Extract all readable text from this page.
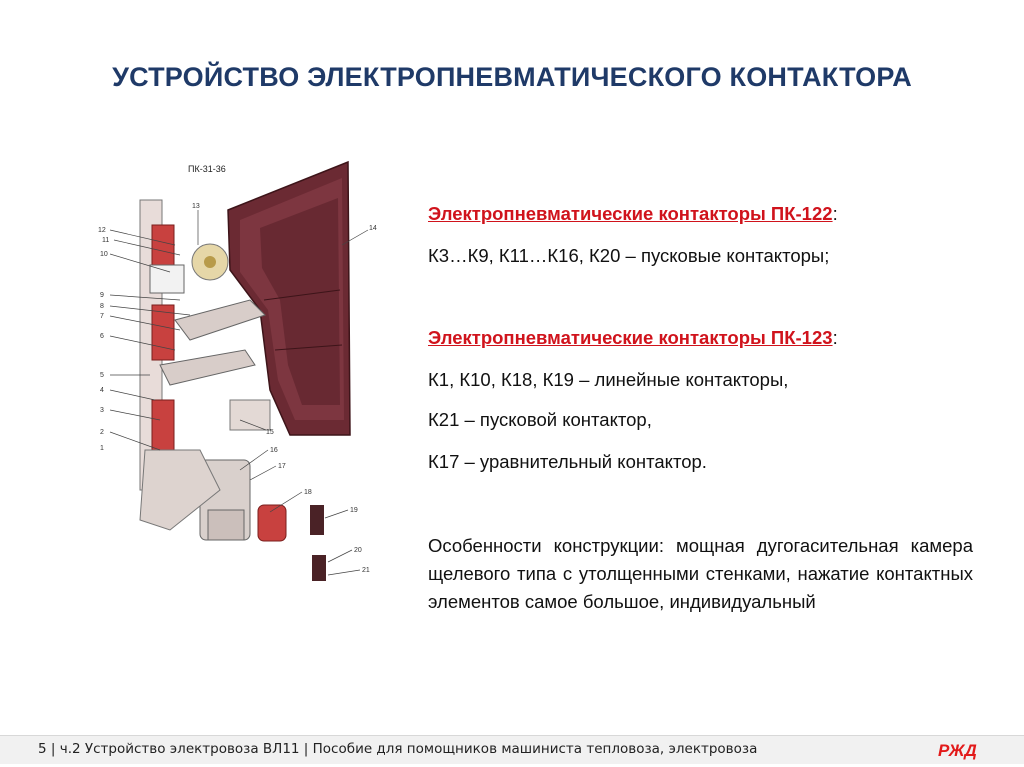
УСТРОЙСТВО ЭЛЕКТРОПНЕВМАТИЧЕСКОГО КОНТАКТОРА
ПК-31-36
12
11
10
9
8
7
6
5
4
3
2
1
13
14
15
16
17
18
19
20
21

Электропневматические контакторы ПК-122:

К3…К9, К11…К16, К20 – пусковые контакторы;

Электропневматические контакторы ПК-123:

К1, К10, К18, К19 – линейные контакторы,

К21 – пусковой контактор,

К17 – уравнительный контактор.

Особенности конструкции: мощная дугогасительная камера щелевого типа с утолщенными стенками, нажатие контактных элементов самое большое, индивидуальный
5 | ч.2 Устройство электровоза ВЛ11 | Пособие для помощников машиниста тепловоза, электровоза	РЖД
